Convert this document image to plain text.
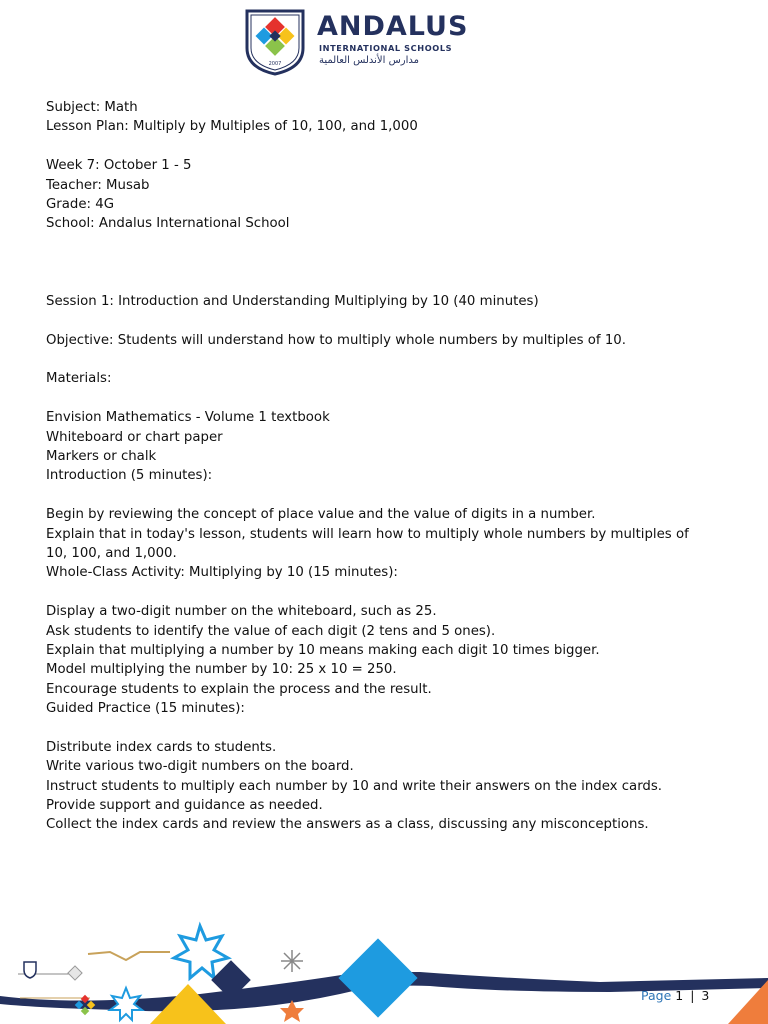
2007
ANDALUS
INTERNATIONAL SCHOOLS
مدارس الأندلس العالمية
Subject: Math
Lesson Plan: Multiply by Multiples of 10, 100, and 1,000
Week 7: October 1 - 5
Teacher: Musab
Grade: 4G
School: Andalus International School
Session 1: Introduction and Understanding Multiplying by 10 (40 minutes)
Objective: Students will understand how to multiply whole numbers by multiples of 10.
Materials:
Envision Mathematics - Volume 1 textbook
Whiteboard or chart paper
Markers or chalk
Introduction (5 minutes):
Begin by reviewing the concept of place value and the value of digits in a number.
Explain that in today's lesson, students will learn how to multiply whole numbers by multiples of
10, 100, and 1,000.
Whole-Class Activity: Multiplying by 10 (15 minutes):
Display a two-digit number on the whiteboard, such as 25.
Ask students to identify the value of each digit (2 tens and 5 ones).
Explain that multiplying a number by 10 means making each digit 10 times bigger.
Model multiplying the number by 10: 25 x 10 = 250.
Encourage students to explain the process and the result.
Guided Practice (15 minutes):
Distribute index cards to students.
Write various two-digit numbers on the board.
Instruct students to multiply each number by 10 and write their answers on the index cards.
Provide support and guidance as needed.
Collect the index cards and review the answers as a class, discussing any misconceptions.
Page 1 | 3
